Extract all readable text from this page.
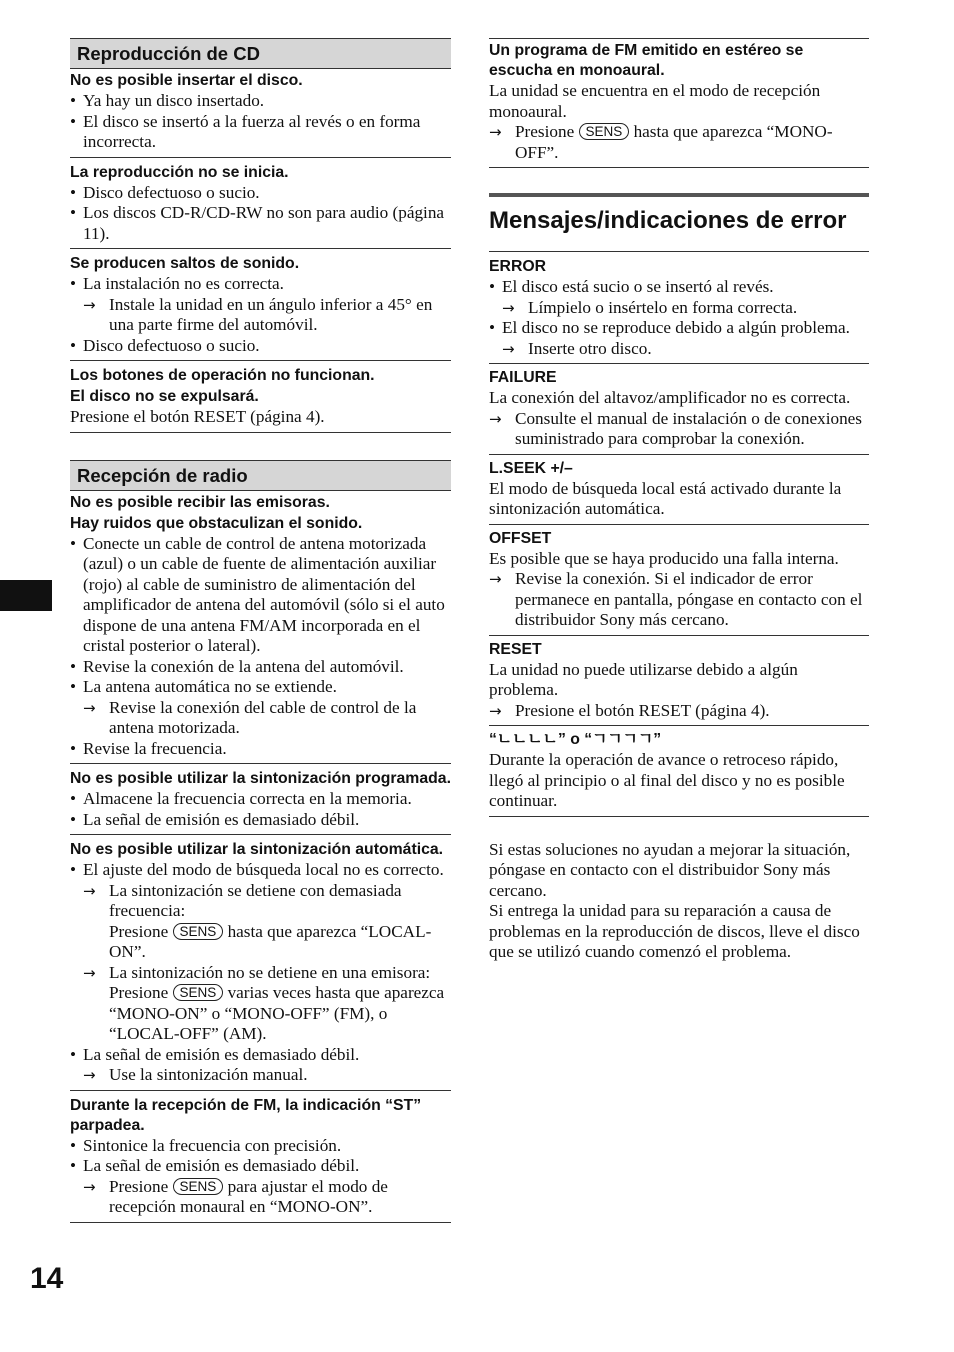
Reproducción de CD
No es posible insertar el disco.
• Ya hay un disco insertado.
• El disco se insertó a la fuerza al revés o en forma incorrecta.
La reproducción no se inicia.
• Disco defectuoso o sucio.
• Los discos CD-R/CD-RW no son para audio (página 11).
Se producen saltos de sonido.
• La instalación no es correcta.
→ Instale la unidad en un ángulo inferior a 45° en una parte firme del automóvil.
• Disco defectuoso o sucio.
Los botones de operación no funcionan.
El disco no se expulsará.
Presione el botón RESET (página 4).
Recepción de radio
No es posible recibir las emisoras.
Hay ruidos que obstaculizan el sonido.
• Conecte un cable de control de antena motorizada (azul) o un cable de fuente de alimentación auxiliar (rojo) al cable de suministro de alimentación del amplificador de antena del automóvil (sólo si el auto dispone de una antena FM/AM incorporada en el cristal posterior o lateral).
• Revise la conexión de la antena del automóvil.
• La antena automática no se extiende.
→ Revise la conexión del cable de control de la antena motorizada.
• Revise la frecuencia.
No es posible utilizar la sintonización programada.
• Almacene la frecuencia correcta en la memoria.
• La señal de emisión es demasiado débil.
No es posible utilizar la sintonización automática.
• El ajuste del modo de búsqueda local no es correcto.
→ La sintonización se detiene con demasiada frecuencia:
Presione SENS hasta que aparezca “LOCAL-ON”.
→ La sintonización no se detiene en una emisora:
Presione SENS varias veces hasta que aparezca “MONO-ON” o “MONO-OFF” (FM), o “LOCAL-OFF” (AM).
• La señal de emisión es demasiado débil.
→ Use la sintonización manual.
Durante la recepción de FM, la indicación “ST” parpadea.
• Sintonice la frecuencia con precisión.
• La señal de emisión es demasiado débil.
→ Presione SENS para ajustar el modo de recepción monaural en “MONO-ON”.
Un programa de FM emitido en estéreo se escucha en monoaural.
La unidad se encuentra en el modo de recepción monoaural.
→ Presione SENS hasta que aparezca “MONO-OFF”.
Mensajes/indicaciones de error
ERROR
• El disco está sucio o se insertó al revés.
→ Límpielo o insértelo en forma correcta.
• El disco no se reproduce debido a algún problema.
→ Inserte otro disco.
FAILURE
La conexión del altavoz/amplificador no es correcta.
→ Consulte el manual de instalación o de conexiones suministrado para comprobar la conexión.
L.SEEK +/–
El modo de búsqueda local está activado durante la sintonización automática.
OFFSET
Es posible que se haya producido una falla interna.
→ Revise la conexión. Si el indicador de error permanece en pantalla, póngase en contacto con el distribuidor Sony más cercano.
RESET
La unidad no puede utilizarse debido a algún problema.
→ Presione el botón RESET (página 4).
“ㄴㄴㄴㄴ” o “ㄱㄱㄱㄱ”
Durante la operación de avance o retroceso rápido, llegó al principio o al final del disco y no es posible continuar.
Si estas soluciones no ayudan a mejorar la situación, póngase en contacto con el distribuidor Sony más cercano.
Si entrega la unidad para su reparación a causa de problemas en la reproducción de discos, lleve el disco que se utilizó cuando comenzó el problema.
14
